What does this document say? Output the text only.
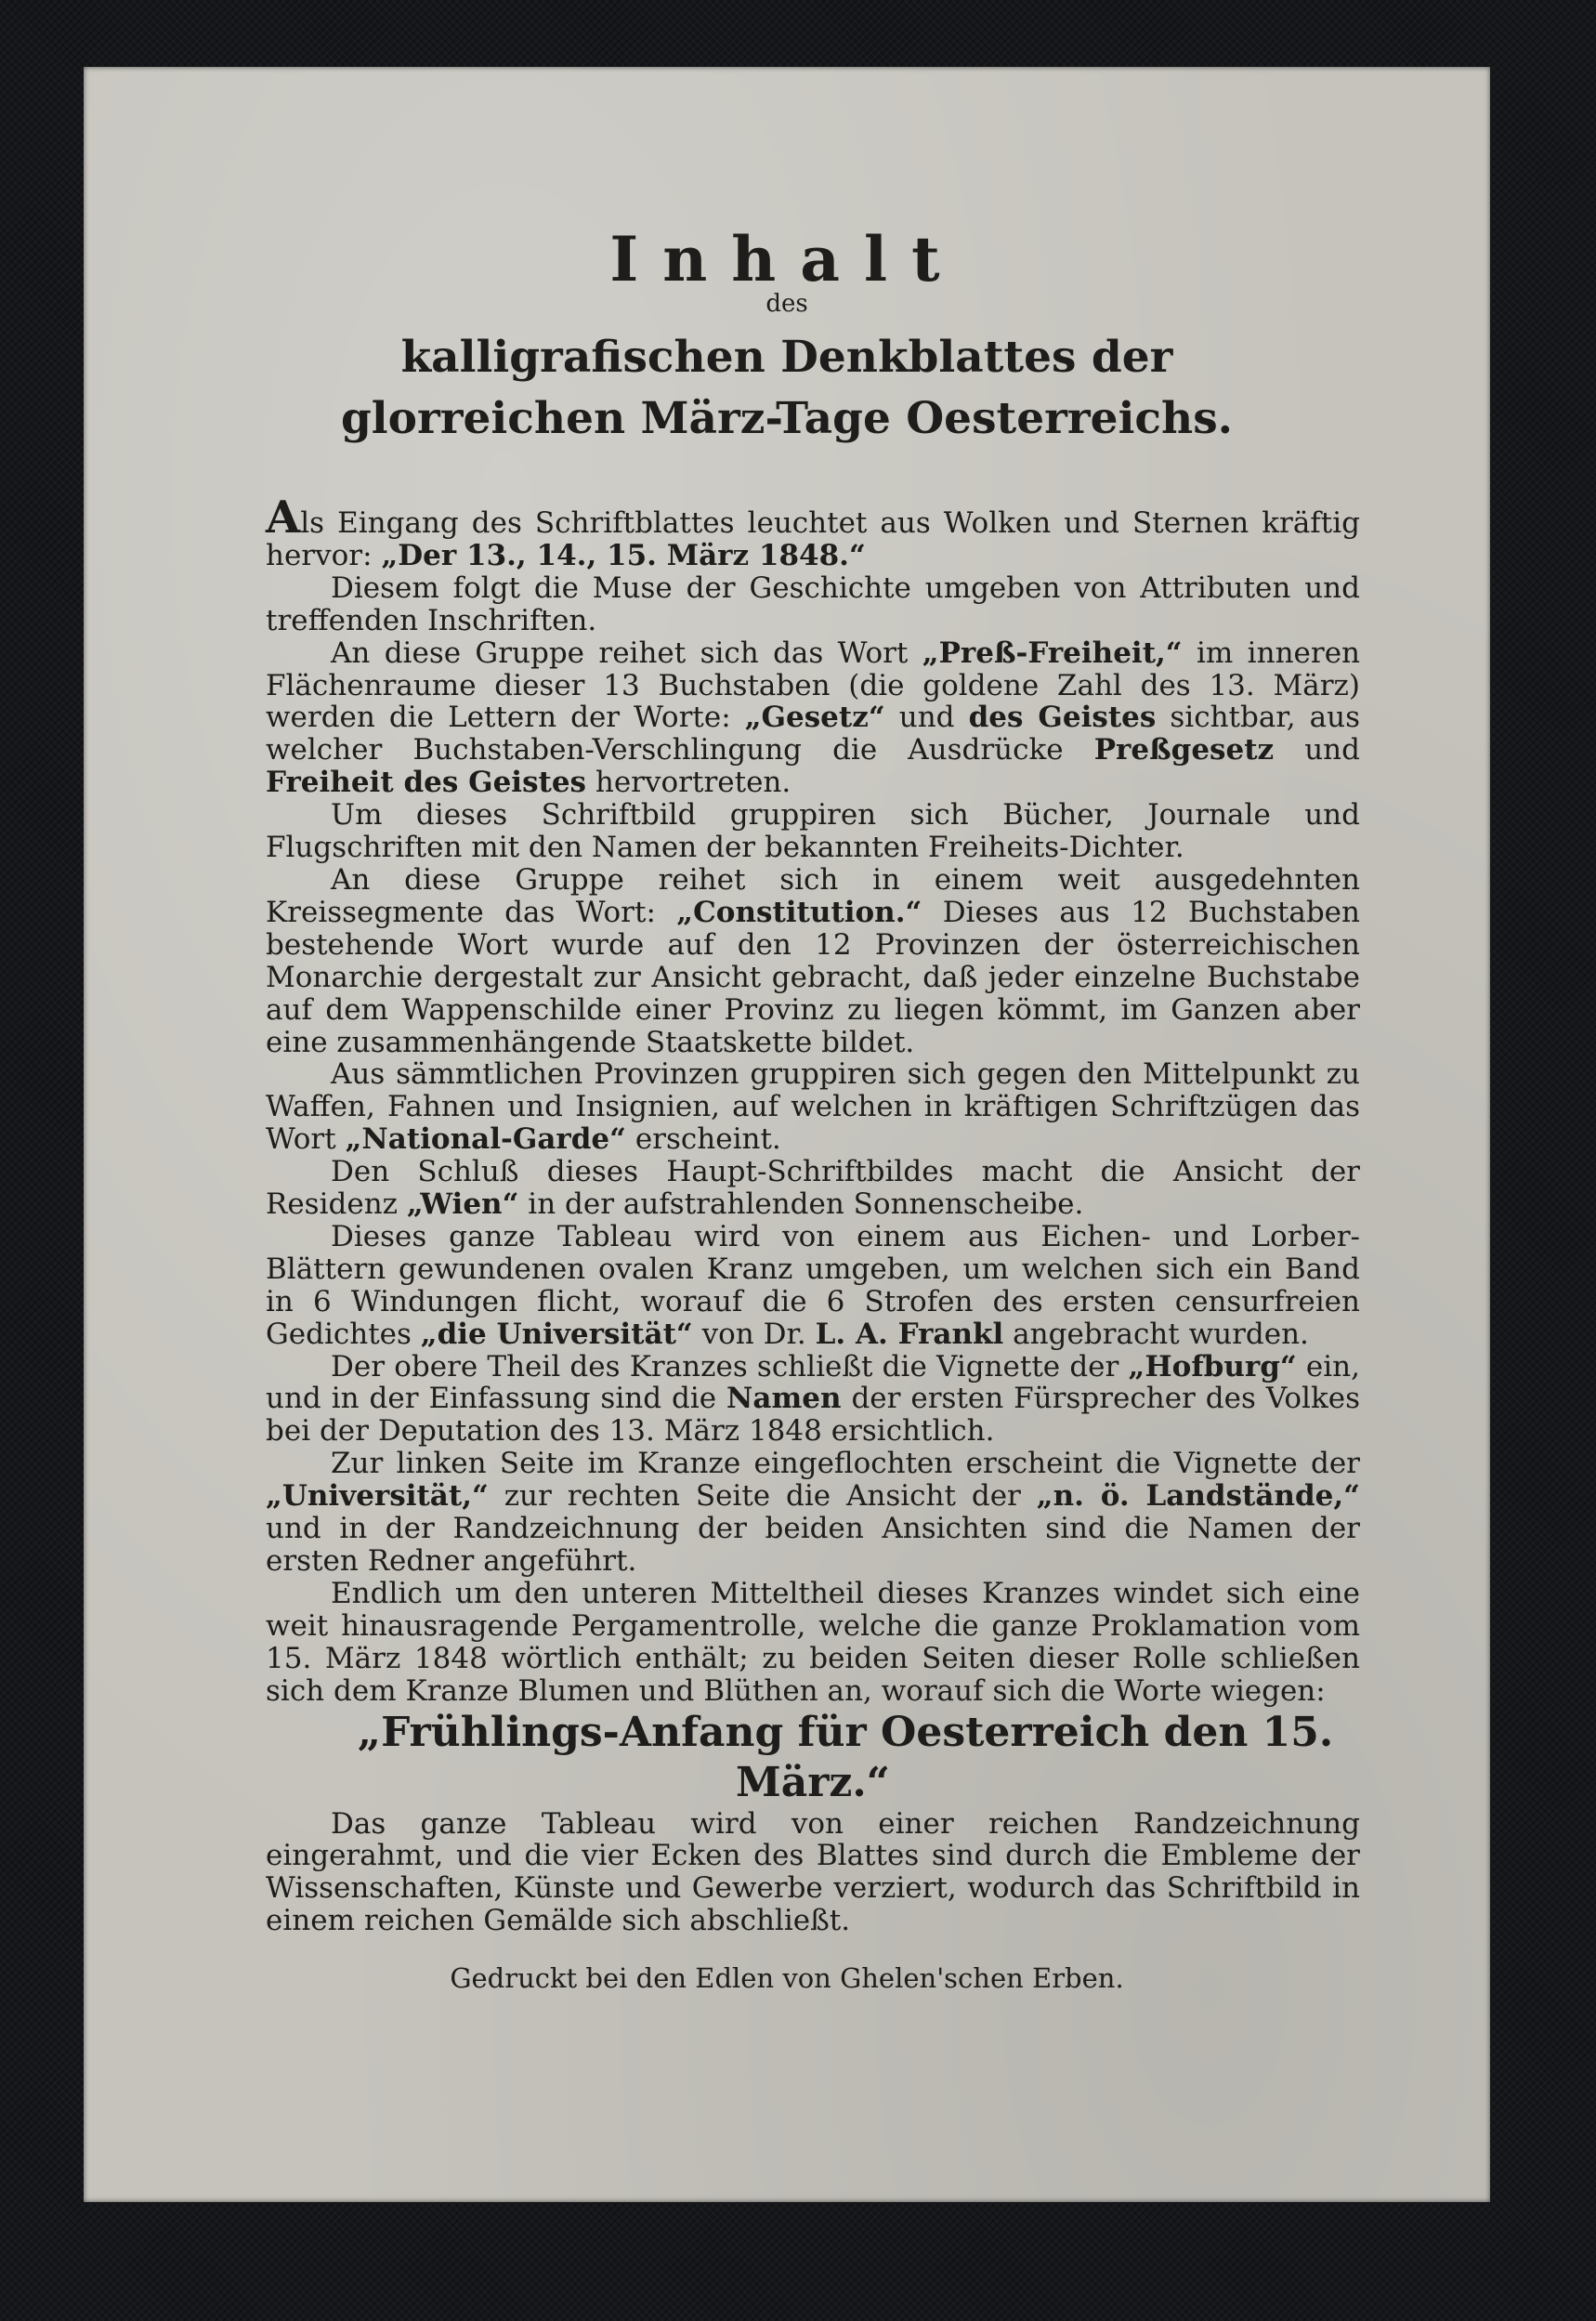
Inhalt
des
kalligrafischen Denkblattes der glorreichen März-Tage Oesterreichs.

Als Eingang des Schriftblattes leuchtet aus Wolken und Sternen kräftig hervor: „Der 13., 14., 15. März 1848.“

Diesem folgt die Muse der Geschichte umgeben von Attributen und treffenden Inschriften.

An diese Gruppe reihet sich das Wort „Preß-Freiheit,“ im inneren Flächenraume dieser 13 Buchstaben (die goldene Zahl des 13. März) werden die Lettern der Worte: „Gesetz“ und des Geistes sichtbar, aus welcher Buchstaben-Verschlingung die Ausdrücke Preßgesetz und Freiheit des Geistes hervortreten.

Um dieses Schriftbild gruppiren sich Bücher, Journale und Flugschriften mit den Namen der bekannten Freiheits-Dichter.

An diese Gruppe reihet sich in einem weit ausgedehnten Kreissegmente das Wort: „Constitution.“ Dieses aus 12 Buchstaben bestehende Wort wurde auf den 12 Provinzen der österreichischen Monarchie dergestalt zur Ansicht gebracht, daß jeder einzelne Buchstabe auf dem Wappenschilde einer Provinz zu liegen kömmt, im Ganzen aber eine zusammenhängende Staatskette bildet.

Aus sämmtlichen Provinzen gruppiren sich gegen den Mittelpunkt zu Waffen, Fahnen und Insignien, auf welchen in kräftigen Schriftzügen das Wort „National-Garde“ erscheint.

Den Schluß dieses Haupt-Schriftbildes macht die Ansicht der Residenz „Wien“ in der aufstrahlenden Sonnenscheibe.

Dieses ganze Tableau wird von einem aus Eichen- und Lorber-Blättern gewundenen ovalen Kranz umgeben, um welchen sich ein Band in 6 Windungen flicht, worauf die 6 Strofen des ersten censurfreien Gedichtes „die Universität“ von Dr. L. A. Frankl angebracht wurden.

Der obere Theil des Kranzes schließt die Vignette der „Hofburg“ ein, und in der Einfassung sind die Namen der ersten Fürsprecher des Volkes bei der Deputation des 13. März 1848 ersichtlich.

Zur linken Seite im Kranze eingeflochten erscheint die Vignette der „Universität,“ zur rechten Seite die Ansicht der „n. ö. Landstände,“ und in der Randzeichnung der beiden Ansichten sind die Namen der ersten Redner angeführt.

Endlich um den unteren Mitteltheil dieses Kranzes windet sich eine weit hinausragende Pergamentrolle, welche die ganze Proklamation vom 15. März 1848 wörtlich enthält; zu beiden Seiten dieser Rolle schließen sich dem Kranze Blumen und Blüthen an, worauf sich die Worte wiegen:

„Frühlings-Anfang für Oesterreich den 15. März.“

Das ganze Tableau wird von einer reichen Randzeichnung eingerahmt, und die vier Ecken des Blattes sind durch die Embleme der Wissenschaften, Künste und Gewerbe verziert, wodurch das Schriftbild in einem reichen Gemälde sich abschließt.

Gedruckt bei den Edlen von Ghelen'schen Erben.
